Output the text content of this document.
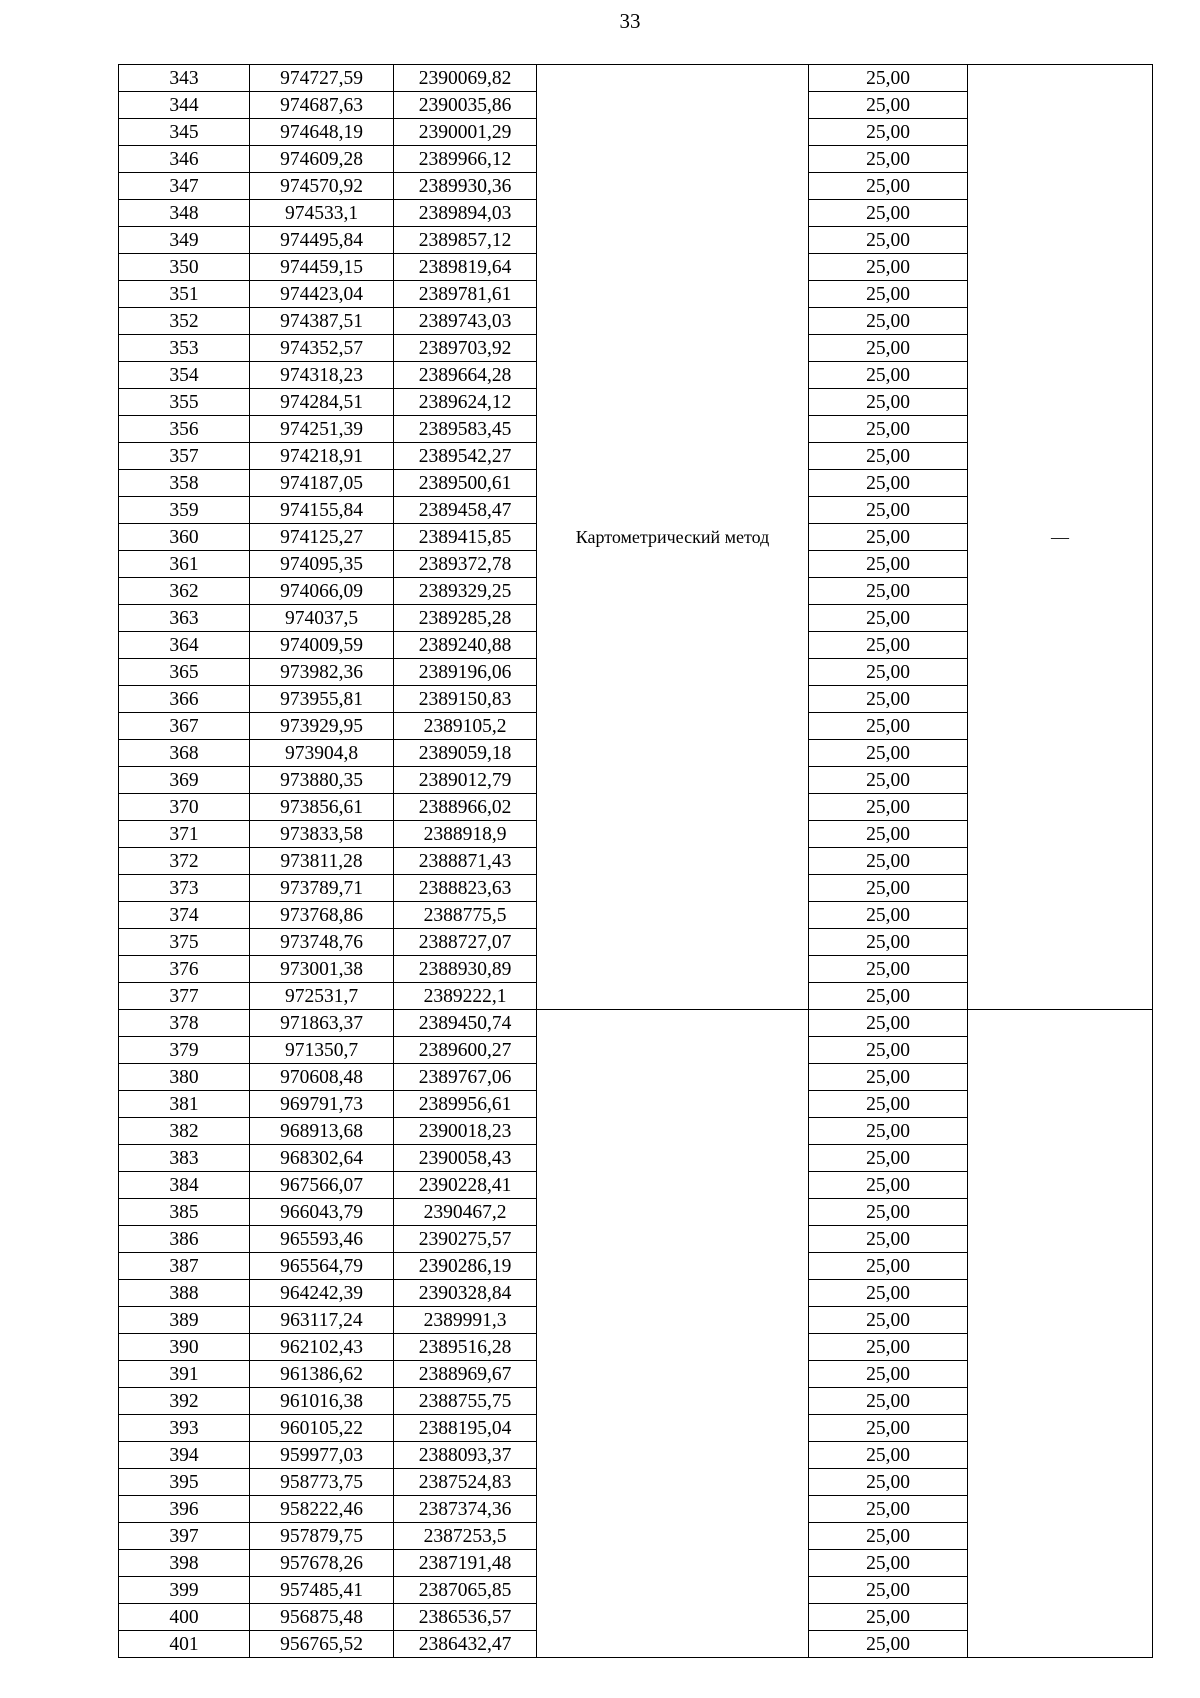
33
343	974727,59	2390069,82	Картометрический метод	25,00	—
344	974687,63	2390035,86		25,00	
345	974648,19	2390001,29		25,00	
346	974609,28	2389966,12		25,00	
347	974570,92	2389930,36		25,00	
348	974533,1	2389894,03		25,00	
349	974495,84	2389857,12		25,00	
350	974459,15	2389819,64		25,00	
351	974423,04	2389781,61		25,00	
352	974387,51	2389743,03		25,00	
353	974352,57	2389703,92		25,00	
354	974318,23	2389664,28		25,00	
355	974284,51	2389624,12		25,00	
356	974251,39	2389583,45		25,00	
357	974218,91	2389542,27		25,00	
358	974187,05	2389500,61		25,00	
359	974155,84	2389458,47		25,00	
360	974125,27	2389415,85		25,00	
361	974095,35	2389372,78		25,00	
362	974066,09	2389329,25		25,00	
363	974037,5	2389285,28		25,00	
364	974009,59	2389240,88		25,00	
365	973982,36	2389196,06		25,00	
366	973955,81	2389150,83		25,00	
367	973929,95	2389105,2		25,00	
368	973904,8	2389059,18		25,00	
369	973880,35	2389012,79		25,00	
370	973856,61	2388966,02		25,00	
371	973833,58	2388918,9		25,00	
372	973811,28	2388871,43		25,00	
373	973789,71	2388823,63		25,00	
374	973768,86	2388775,5		25,00	
375	973748,76	2388727,07		25,00	
376	973001,38	2388930,89		25,00	
377	972531,7	2389222,1		25,00	
378	971863,37	2389450,74		25,00	
379	971350,7	2389600,27		25,00	
380	970608,48	2389767,06		25,00	
381	969791,73	2389956,61		25,00	
382	968913,68	2390018,23		25,00	
383	968302,64	2390058,43		25,00	
384	967566,07	2390228,41		25,00	
385	966043,79	2390467,2		25,00	
386	965593,46	2390275,57		25,00	
387	965564,79	2390286,19		25,00	
388	964242,39	2390328,84		25,00	
389	963117,24	2389991,3		25,00	
390	962102,43	2389516,28		25,00	
391	961386,62	2388969,67		25,00	
392	961016,38	2388755,75		25,00	
393	960105,22	2388195,04		25,00	
394	959977,03	2388093,37		25,00	
395	958773,75	2387524,83		25,00	
396	958222,46	2387374,36		25,00	
397	957879,75	2387253,5		25,00	
398	957678,26	2387191,48		25,00	
399	957485,41	2387065,85		25,00	
400	956875,48	2386536,57		25,00	
401	956765,52	2386432,47		25,00	
